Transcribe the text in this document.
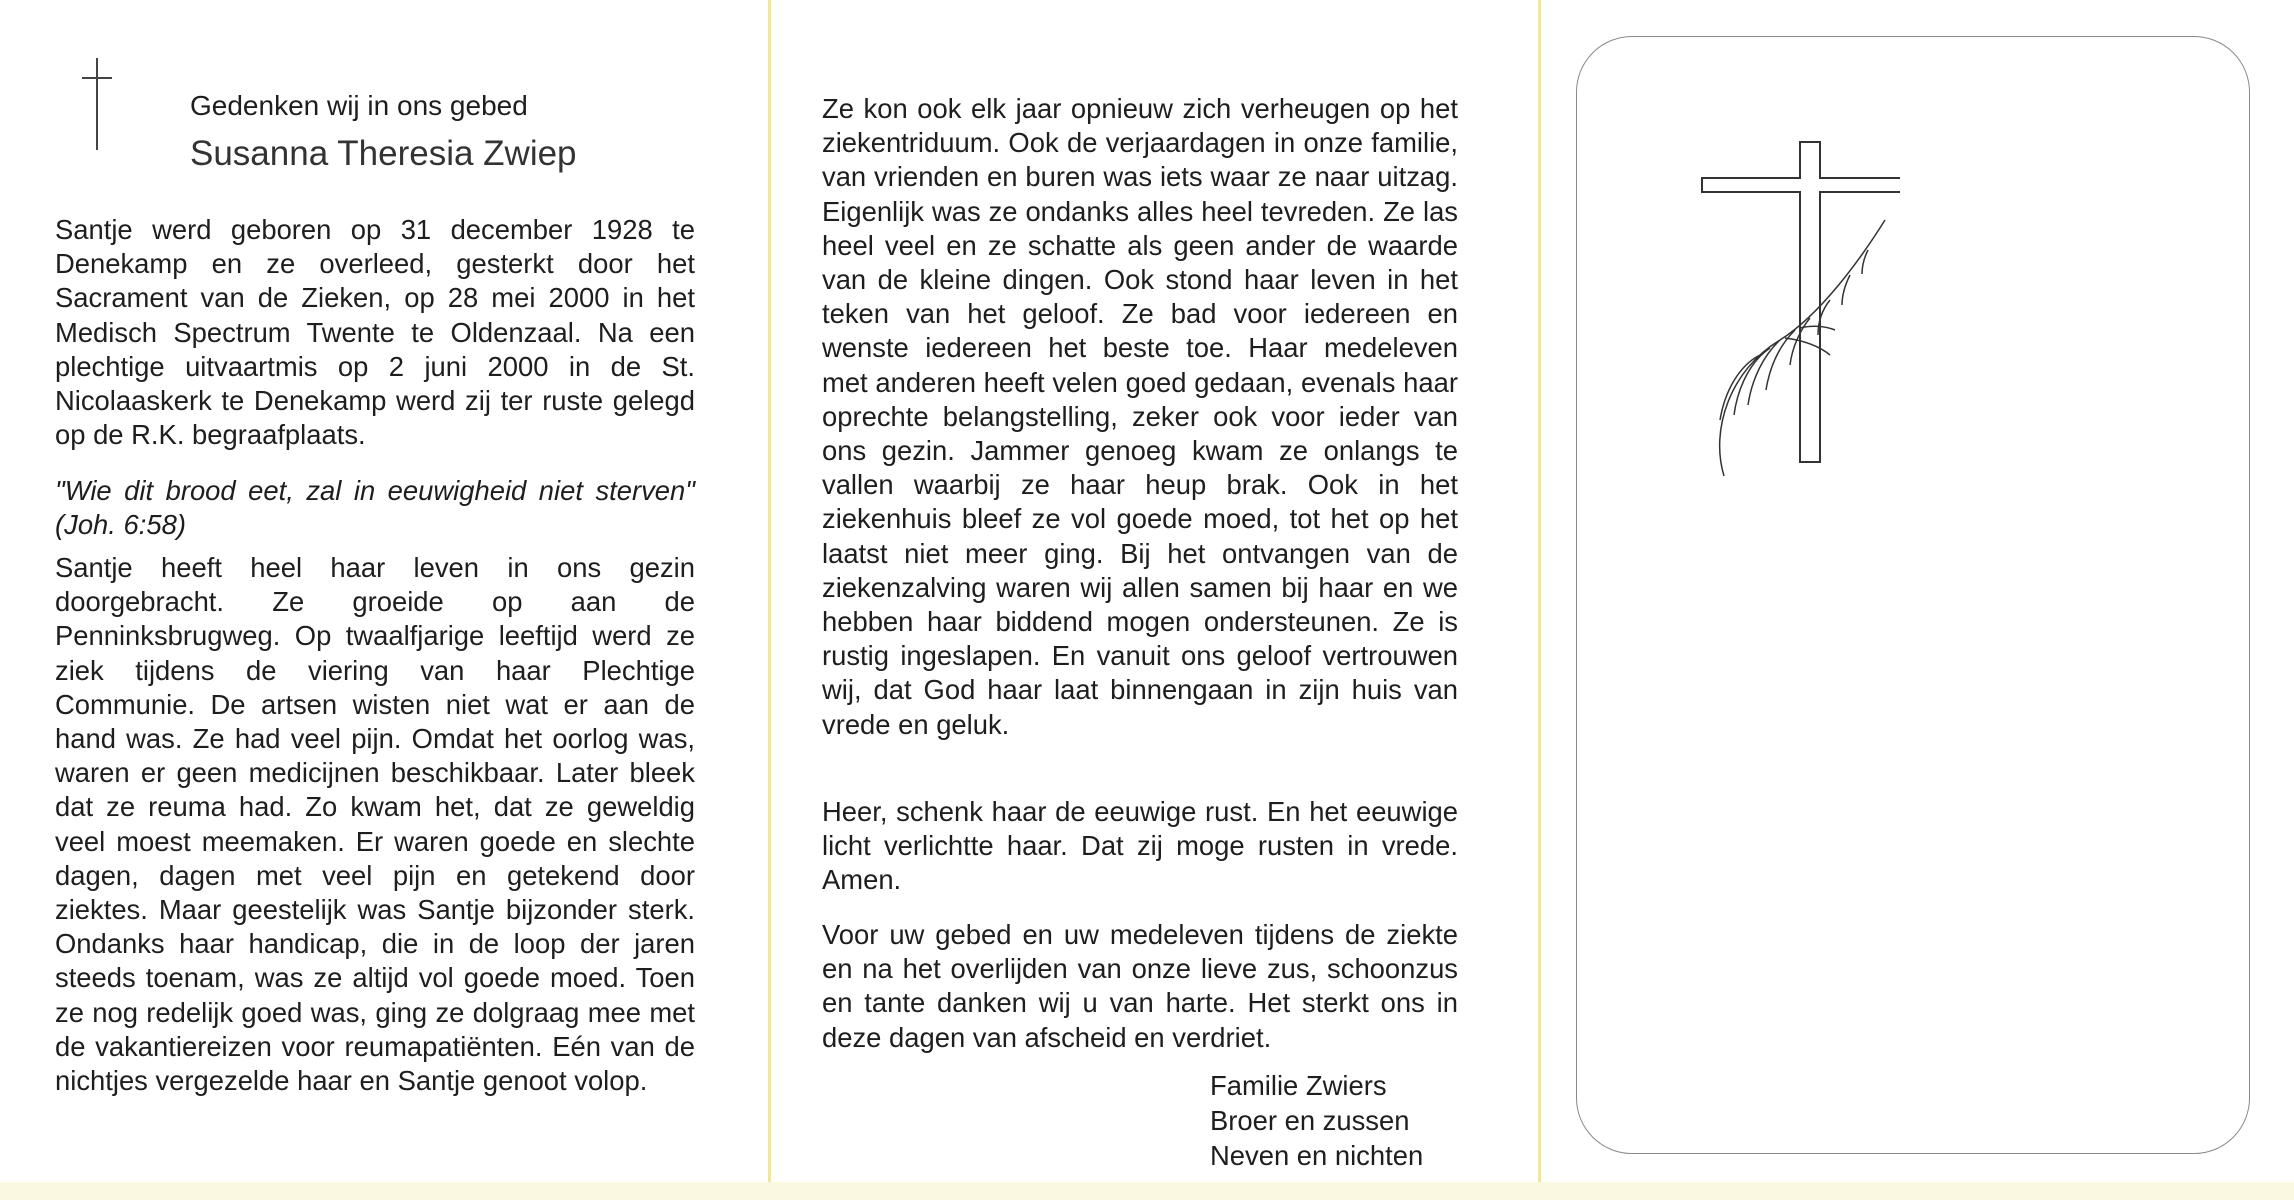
Gedenken wij in ons gebed
Susanna Theresia Zwiep

Santje werd geboren op 31 december 1928 te Denekamp en ze overleed, gesterkt door het Sacrament van de Zieken, op 28 mei 2000 in het Medisch Spectrum Twente te Oldenzaal. Na een plechtige uitvaartmis op 2 juni 2000 in de St. Nicolaaskerk te Denekamp werd zij ter ruste gelegd op de R.K. begraafplaats.

"Wie dit brood eet, zal in eeuwigheid niet sterven" (Joh. 6:58)

Santje heeft heel haar leven in ons gezin doorgebracht. Ze groeide op aan de Penninksbrugweg. Op twaalfjarige leeftijd werd ze ziek tijdens de viering van haar Plechtige Communie. De artsen wisten niet wat er aan de hand was. Ze had veel pijn. Omdat het oorlog was, waren er geen medicijnen beschikbaar. Later bleek dat ze reuma had. Zo kwam het, dat ze geweldig veel moest meemaken. Er waren goede en slechte dagen, dagen met veel pijn en getekend door ziektes. Maar geestelijk was Santje bijzonder sterk. Ondanks haar handicap, die in de loop der jaren steeds toenam, was ze altijd vol goede moed. Toen ze nog redelijk goed was, ging ze dolgraag mee met de vakantiereizen voor reumapatiënten. Eén van de nichtjes vergezelde haar en Santje genoot volop.

Ze kon ook elk jaar opnieuw zich verheugen op het ziekentriduum. Ook de verjaardagen in onze familie, van vrienden en buren was iets waar ze naar uitzag. Eigenlijk was ze ondanks alles heel tevreden. Ze las heel veel en ze schatte als geen ander de waarde van de kleine dingen. Ook stond haar leven in het teken van het geloof. Ze bad voor iedereen en wenste iedereen het beste toe. Haar medeleven met anderen heeft velen goed gedaan, evenals haar oprechte belangstelling, zeker ook voor ieder van ons gezin. Jammer genoeg kwam ze onlangs te vallen waarbij ze haar heup brak. Ook in het ziekenhuis bleef ze vol goede moed, tot het op het laatst niet meer ging. Bij het ontvangen van de ziekenzalving waren wij allen samen bij haar en we hebben haar biddend mogen ondersteunen. Ze is rustig ingeslapen. En vanuit ons geloof vertrouwen wij, dat God haar laat binnengaan in zijn huis van vrede en geluk.

Heer, schenk haar de eeuwige rust. En het eeuwige licht verlichtte haar. Dat zij moge rusten in vrede. Amen.

Voor uw gebed en uw medeleven tijdens de ziekte en na het overlijden van onze lieve zus, schoonzus en tante danken wij u van harte. Het sterkt ons in deze dagen van afscheid en verdriet.

Familie Zwiers
Broer en zussen
Neven en nichten
